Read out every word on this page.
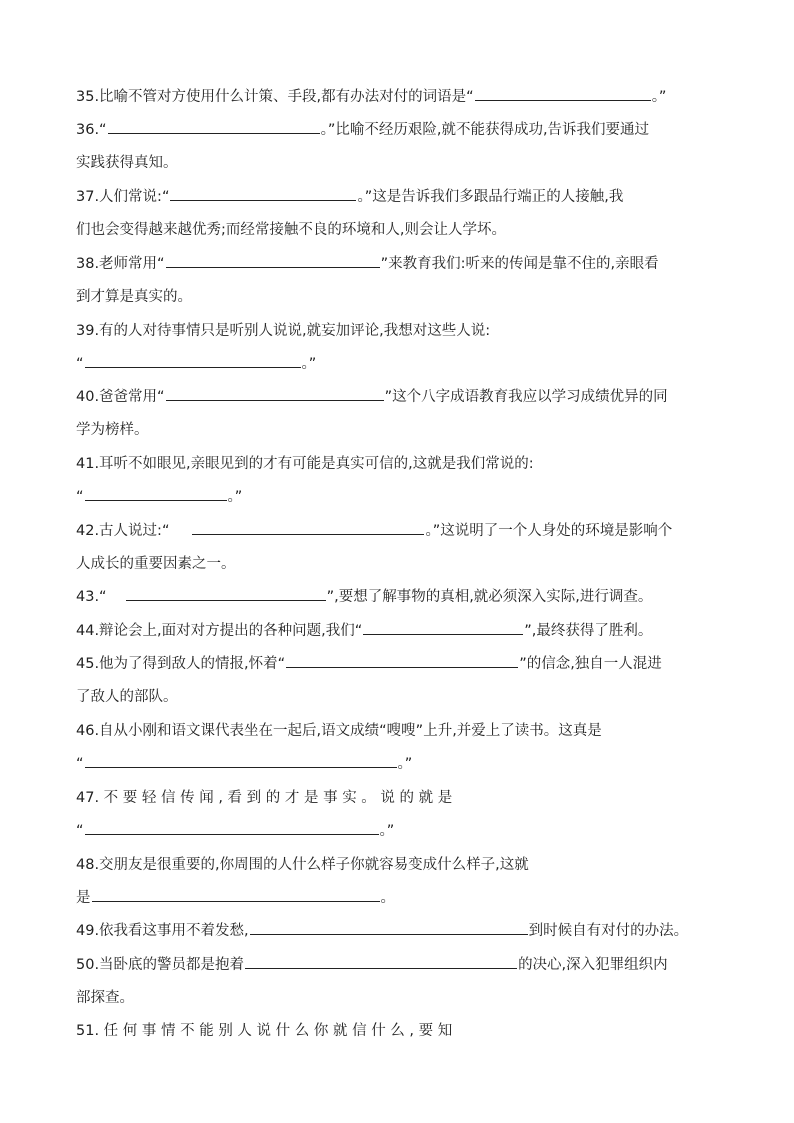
35.比喻不管对方使用什么计策、手段,都有办法对付的词语是“	。”
36.“	。”比喻不经历艰险,就不能获得成功,告诉我们要通过
实践获得真知。
37.人们常说:“	。”这是告诉我们多跟品行端正的人接触,我
们也会变得越来越优秀;而经常接触不良的环境和人,则会让人学坏。
38.老师常用“	”来教育我们:听来的传闻是靠不住的,亲眼看
到才算是真实的。
39.有的人对待事情只是听别人说说,就妄加评论,我想对这些人说:
“	。”
40.爸爸常用“	”这个八字成语教育我应以学习成绩优异的同
学为榜样。
41.耳听不如眼见,亲眼见到的才有可能是真实可信的,这就是我们常说的:
“	。”
42.古人说过:“	。”这说明了一个人身处的环境是影响个
人成长的重要因素之一。
43.“	”,要想了解事物的真相,就必须深入实际,进行调查。
44.辩论会上,面对对方提出的各种问题,我们“	”,最终获得了胜利。
45.他为了得到敌人的情报,怀着“	”的信念,独自一人混进
了敌人的部队。
46.自从小刚和语文课代表坐在一起后,语文成绩“嗖嗖”上升,并爱上了读书。这真是
“	。”
47. 不 要 轻 信 传 闻 , 看 到 的 才 是 事 实 。 说 的 就 是
“	。”
48.交朋友是很重要的,你周围的人什么样子你就容易变成什么样子,这就
是	。
49.依我看这事用不着发愁,	到时候自有对付的办法。
50.当卧底的警员都是抱着	的决心,深入犯罪组织内
部探查。
51. 任 何 事 情 不 能 别 人 说 什 么 你 就 信 什 么 , 要 知
